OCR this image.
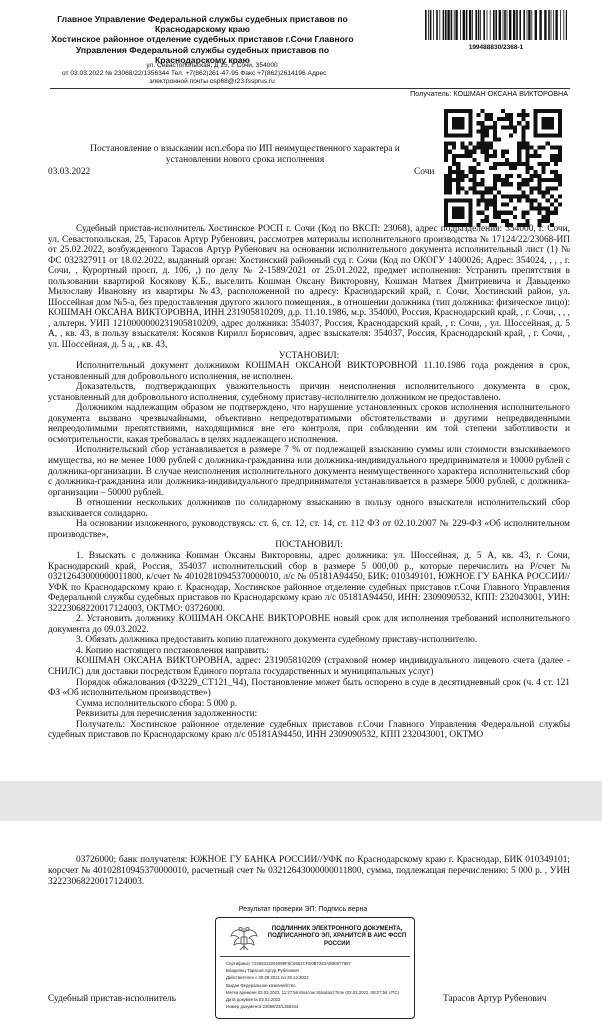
Главное Управление Федеральной службы судебных приставов по
Краснодарскому краю
Хостинское районное отделение судебных приставов г.Сочи Главного
Управления Федеральной службы судебных приставов по
Краснодарскому краю
ул. Севастопольская, Д 25, г. Сочи, 354000
от 03.03.2022 № 23068/22/1356344 Тел. +7(862)261-47-95 Факс +7(862)2614196 Адрес
электронной почты osp68@r23.fssprus.ru
199488830/2368-1
Получатель: КОШМАН ОКСАНА ВИКТОРОВНА
Постановление о взыскании исп.сбора по ИП неимущественного характера и установлении нового срока исполнения
03.03.2022	Сочи

Судебный пристав-исполнитель Хостинское РОСП г. Сочи (Код по ВКСП: 23068), адрес подразделения: 354000, г. Сочи, ул. Севастопольская, 25, Тарасов Артур Рубенович, рассмотрев материалы исполнительного производства № 17124/22/23068-ИП от 25.02.2022, возбужденного Тарасов Артур Рубенович на основании исполнительного документа исполнительный лист (1) № ФС 032327911 от 18.02.2022, выданный орган: Хостинский районный суд г. Сочи (Код по ОКОГУ 1400026; Адрес: 354024, , , , г. Сочи, , Курортный просп, д. 106, ,) по делу № 2-1589/2021 от 25.01.2022, предмет исполнения: Устранить препятствия в пользовании квартирой Косякову К.Б., выселить Кошман Оксану Викторовну, Кошман Матвея Дмитриевича и Давыденко Милославу Ивановну из квартиры №43, расположенной по адресу: Краснодарский край, г. Сочи, Хостинский район, ул. Шоссейная дом №5-а, без предоставления другого жилого помещения., в отношении должника (тип должника: физическое лицо): КОШМАН ОКСАНА ВИКТОРОВНА, ИНН 231905810209, д.р. 11.10.1986, м.р. 354000, Россия, Краснодарский край, , г. Сочи, , , , , альтерн. УИП 1210000000231905810209, адрес должника: 354037, Россия, Краснодарский край, , г. Сочи, , ул. Шоссейная, д. 5 А, , кв. 43, в пользу взыскателя: Косяков Кирилл Борисович, адрес взыскателя: 354037, Россия, Краснодарский край, , г. Сочи, , ул. Шоссейная, д. 5 а, , кв. 43,

УСТАНОВИЛ:

Исполнительный документ должником КОШМАН ОКСАНОЙ ВИКТОРОВНОЙ 11.10.1986 года рождения в срок, установленный для добровольного исполнения, не исполнен.

Доказательств, подтверждающих уважительность причин неисполнения исполнительного документа в срок, установленный для добровольного исполнения, судебному приставу-исполнителю должником не предоставлено.

Должником надлежащим образом не подтверждено, что нарушение установленных сроков исполнения исполнительного документа вызвано чрезвычайными, объективно непредотвратимыми обстоятельствами и другими непредвиденными непреодолимыми препятствиями, находящимися вне его контроля, при соблюдении им той степени заботливости и осмотрительности, какая требовалась в целях надлежащего исполнения.

Исполнительский сбор устанавливается в размере 7 % от подлежащей взысканию суммы или стоимости взыскиваемого имущества, но не менее 1000 рублей с должника-гражданина или должника-индивидуального предпринимателя и 10000 рублей с должника-организации. В случае неисполнения исполнительного документа неимущественного характера исполнительский сбор с должника-гражданина или должника-индивидуального предпринимателя устанавливается в размере 5000 рублей, с должника-организации – 50000 рублей.

В отношении нескольких должников по солидарному взысканию в пользу одного взыскателя исполнительский сбор взыскивается солидарно.

На основании изложенного, руководствуясь: ст. 6, ст. 12, ст. 14, ст. 112 ФЗ от 02.10.2007 № 229-ФЗ «Об исполнительном производстве»,

ПОСТАНОВИЛ:

1. Взыскать с должника Кошман Оксаны Викторовны, адрес должника: ул. Шоссейная, д. 5 А, кв. 43, г. Сочи, Краснодарский край, Россия, 354037 исполнительский сбор в размере 5 000,00 р., которые перечислить на Р/счет № 03212643000000011800, к/счет № 40102810945370000010, л/с № 05181А94450, БИК: 010349101, ЮЖНОЕ ГУ БАНКА РОССИИ//УФК по Краснодарскому краю г. Краснодар, Хостинское районное отделение судебных приставов г.Сочи Главного Управления Федеральной службы судебных приставов по Краснодарскому краю л/с 05181А94450, ИНН: 2309090532, КПП: 232043001, УИН: 32223068220017124003, ОКТМО: 03726000.

2. Установить должнику КОШМАН ОКСАНЕ ВИКТОРОВНЕ новый срок для исполнения требований исполнительного документа до 09.03.2022.

3. Обязать должника предоставить копию платежного документа судебному приставу-исполнителю.

4. Копию настоящего постановления направить:

КОШМАН ОКСАНА ВИКТОРОВНА, адрес: 231905810209 (страховой номер индивидуального лицевого счета (далее - СНИЛС) для доставки посредством Единого портала государственных и муниципальных услуг)

Порядок обжалования (Ф3229_СТ121_Ч4), Постановление может быть оспорено в суде в десятидневный срок (ч. 4 ст. 121 ФЗ «Об исполнительном производстве»)

Сумма исполнительского сбора: 5 000 р.

Реквизиты для перечисления задолженности:

Получатель: Хостинское районное отделение судебных приставов г.Сочи Главного Управления Федеральной службы судебных приставов по Краснодарскому краю л/с 05181А94450, ИНН 2309090532, КПП 232043001, ОКТМО

03726000; банк получателя: ЮЖНОЕ ГУ БАНКА РОССИИ//УФК по Краснодарскому краю г. Краснодар, БИК 010349101; корсчет № 40102810945370000010, расчетный счет № 03212643000000011800, сумма, подлежащая перечислению: 5 000 р. , УИН 32223068220017124003.

Результат проверки ЭП: Подпись верна
ПОДЛИННИК ЭЛЕКТРОННОГО ДОКУМЕНТА, ПОДПИСАННОГО ЭП, ХРАНИТСЯ В АИС ФССП РОССИИ
Сертификат 71368313204089F6C6552CFE0B7283A0B0877687
Владелец Тарасов Артур Рубенович
Действителен с 28.09.2021 по 28.12.2022
Выдан Федеральное казначейство
Метка времени 03.03.2022, 11:27:56 Moscow Standard Time (03.03.2022, 08:27:56 UTC)
Дата документа 03.03.2022
Номер документа 23068/22/1356344
Судебный пристав-исполнитель	Тарасов Артур Рубенович
